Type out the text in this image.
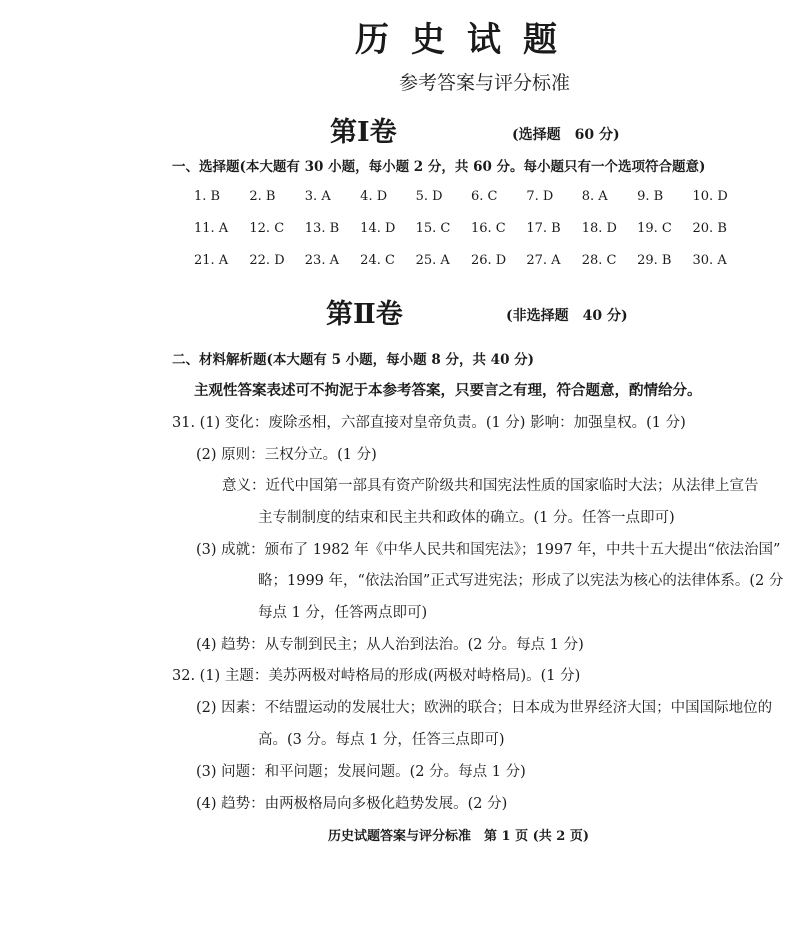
历史试题
参考答案与评分标准
第Ⅰ卷	(选择题　60 分)
一、选择题(本大题有 30 小题，每小题 2 分，共 60 分。每小题只有一个选项符合题意)
1. B	2. B	3. A	4. D	5. D	6. C	7. D	8. A	9. B	10. D
11. A	12. C	13. B	14. D	15. C	16. C	17. B	18. D	19. C	20. B
21. A	22. D	23. A	24. C	25. A	26. D	27. A	28. C	29. B	30. A
第Ⅱ卷	(非选择题　40 分)
二、材料解析题(本大题有 5 小题，每小题 8 分，共 40 分)
主观性答案表述可不拘泥于本参考答案，只要言之有理，符合题意，酌情给分。
31. (1) 变化：废除丞相，六部直接对皇帝负责。(1 分) 影响：加强皇权。(1 分)
(2) 原则：三权分立。(1 分)
意义：近代中国第一部具有资产阶级共和国宪法性质的国家临时大法；从法律上宣告
主专制制度的结束和民主共和政体的确立。(1 分。任答一点即可)
(3) 成就：颁布了 1982 年《中华人民共和国宪法》；1997 年，中共十五大提出“依法治国”
略；1999 年，“依法治国”正式写进宪法；形成了以宪法为核心的法律体系。(2 分
每点 1 分，任答两点即可)
(4) 趋势：从专制到民主；从人治到法治。(2 分。每点 1 分)
32. (1) 主题：美苏两极对峙格局的形成(两极对峙格局)。(1 分)
(2) 因素：不结盟运动的发展壮大；欧洲的联合；日本成为世界经济大国；中国国际地位的
高。(3 分。每点 1 分，任答三点即可)
(3) 问题：和平问题；发展问题。(2 分。每点 1 分)
(4) 趋势：由两极格局向多极化趋势发展。(2 分)
历史试题答案与评分标准　第 1 页 (共 2 页)
